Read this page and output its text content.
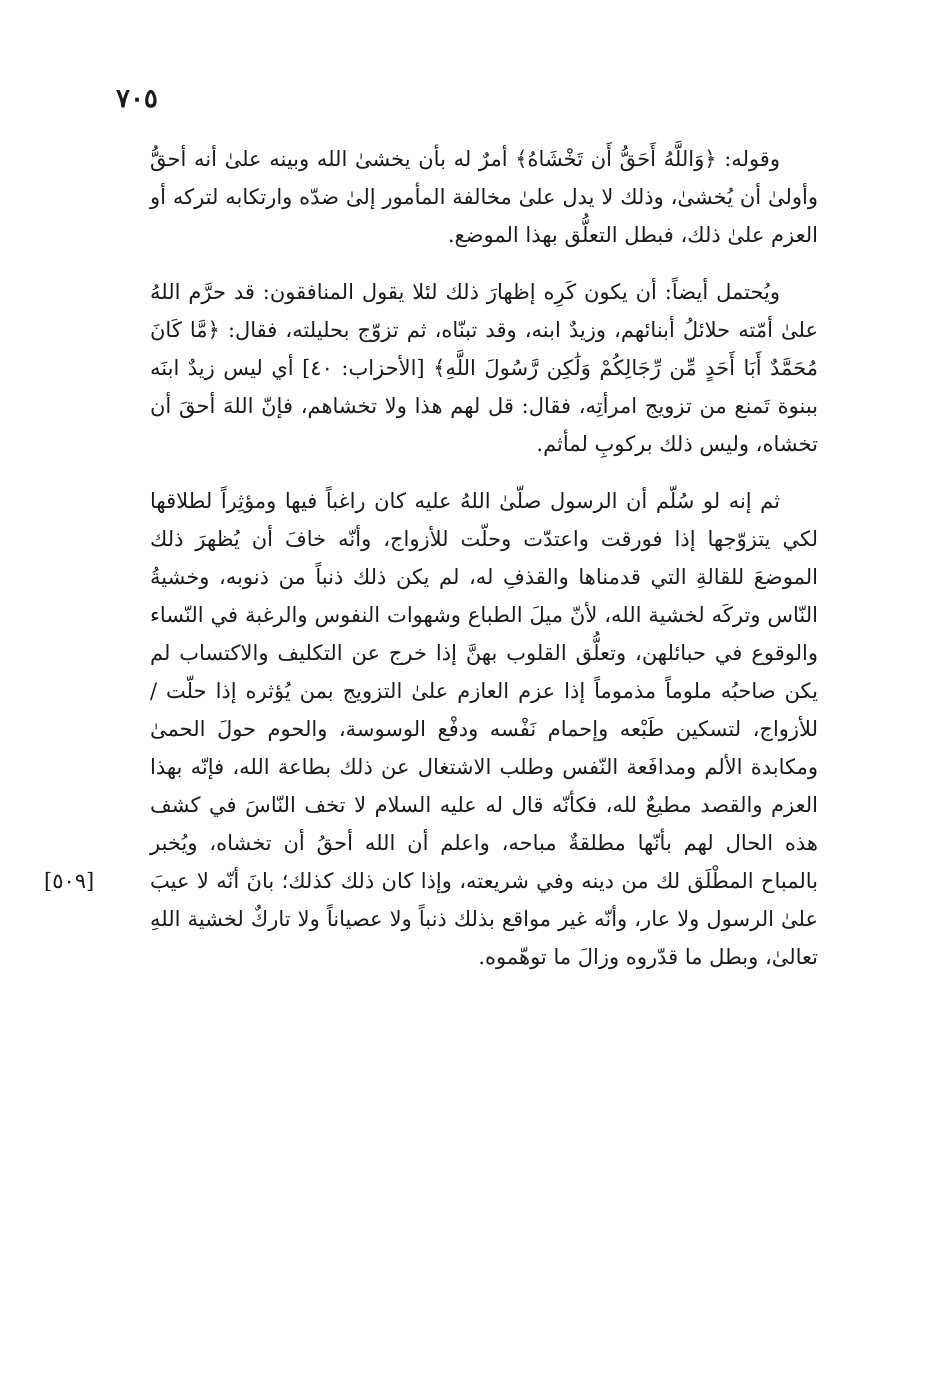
٧٠٥

وقوله: ﴿وَاللَّهُ أَحَقُّ أَن تَخْشَاهُ﴾ أمرٌ له بأن يخشىٰ الله وبينه علىٰ أنه أحقُّ وأولىٰ أن يُخشىٰ، وذلك لا يدل علىٰ مخالفة المأمور إلىٰ ضدّه وارتكابه لتركه أو العزم علىٰ ذلك، فبطل التعلُّق بهذا الموضع.

ويُحتمل أيضاً: أن يكون كَرِه إظهارَ ذلك لئلا يقول المنافقون: قد حرَّم اللهُ علىٰ أمّته حلائلُ أبنائهم، وزيدٌ ابنه، وقد تبنّاه، ثم تزوّج بحليلته، فقال: ﴿مَّا كَانَ مُحَمَّدٌ أَبَا أَحَدٍ مِّن رِّجَالِكُمْ وَلَٰكِن رَّسُولَ اللَّهِ﴾ [الأحزاب: ٤٠] أي ليس زيدٌ ابنَه ببنوة تَمنع من تزويج امرأتِه، فقال: قل لهم هذا ولا تخشاهم، فإنّ اللهَ أحقَ أن تخشاه، وليس ذلك بركوبِ لمأثم.

ثم إنه لو سُلّم أن الرسول صلّىٰ اللهُ عليه كان راغباً فيها ومؤثِراً لطلاقها لكي يتزوّجها إذا فورقت واعتدّت وحلّت للأزواج، وأنّه خافَ أن يُظهرَ ذلك الموضعَ للقالةِ التي قدمناها والقذفِ له، لم يكن ذلك ذنباً من ذنوبه، وخشيةُ النّاس وتركَه لخشية الله، لأنّ ميلَ الطباع وشهوات النفوس والرغبة في النّساء والوقوع في حبائلهن، وتعلُّق القلوب بهنَّ إذا خرج عن التكليف والاكتساب لم يكن صاحبُه ملوماً مذموماً إذا عزم العازم علىٰ التزويج بمن يُؤثره إذا حلّت / للأزواج، لتسكين طَبْعه وإحمام نَفْسه ودفْع الوسوسة، والحوم حولَ الحمىٰ ومكابدة الألم ومدافَعة النّفس وطلب الاشتغال عن ذلك بطاعة الله، فإنّه بهذا العزم والقصد مطيعٌ لله، فكأنّه قال له عليه السلام لا تخف النّاسَ في كشف هذه الحال لهم بأنّها مطلقةٌ مباحه، واعلم أن الله أحقُ أن تخشاه، ويُخبر بالمباح المطْلَق لك من دينه وفي شريعته، وإذا كان ذلك كذلك؛ بانَ أنّه لا عيبَ علىٰ الرسول ولا عار، وأنّه غير مواقع بذلك ذنباً ولا عصياناً ولا تاركٌ لخشية اللهِ تعالىٰ، وبطل ما قدّروه وزالَ ما توهّموه.

[٥٠٩]
